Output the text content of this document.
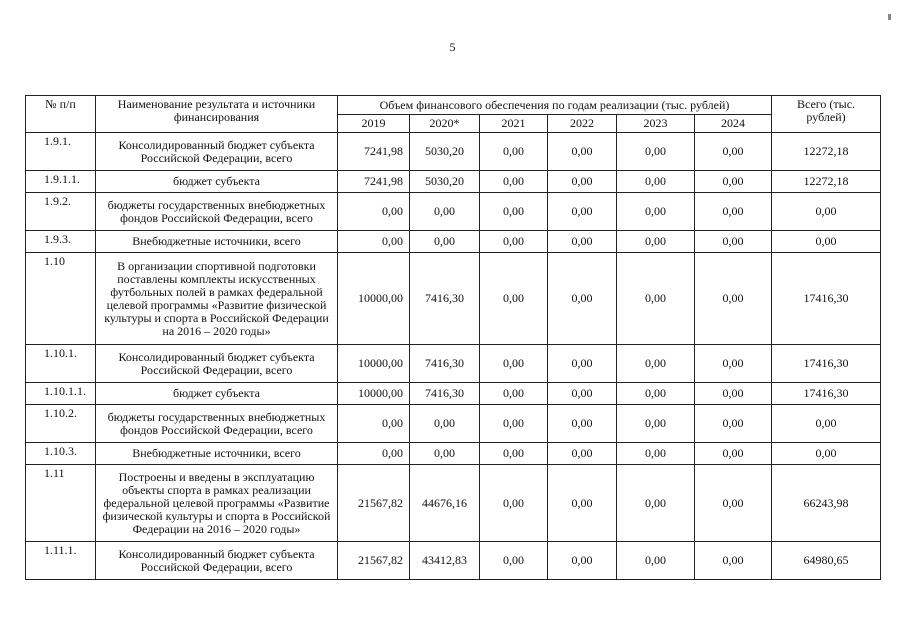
5
№ п/п	Наименование результата и источники финансирования	Объем финансового обеспечения по годам реализации (тыс. рублей)						Всего (тыс. рублей)
		2019	2020*	2021	2022	2023	2024	
1.9.1.	Консолидированный бюджет субъекта Российской Федерации, всего	7241,98	5030,20	0,00	0,00	0,00	0,00	12272,18
1.9.1.1.	бюджет субъекта	7241,98	5030,20	0,00	0,00	0,00	0,00	12272,18
1.9.2.	бюджеты государственных внебюджетных фондов Российской Федерации, всего	0,00	0,00	0,00	0,00	0,00	0,00	0,00
1.9.3.	Внебюджетные источники, всего	0,00	0,00	0,00	0,00	0,00	0,00	0,00
1.10	В организации спортивной подготовки поставлены комплекты искусственных футбольных полей в рамках федеральной целевой программы «Развитие физической культуры и спорта в Российской Федерации на 2016 – 2020 годы»	10000,00	7416,30	0,00	0,00	0,00	0,00	17416,30
1.10.1.	Консолидированный бюджет субъекта Российской Федерации, всего	10000,00	7416,30	0,00	0,00	0,00	0,00	17416,30
1.10.1.1.	бюджет субъекта	10000,00	7416,30	0,00	0,00	0,00	0,00	17416,30
1.10.2.	бюджеты государственных внебюджетных фондов Российской Федерации, всего	0,00	0,00	0,00	0,00	0,00	0,00	0,00
1.10.3.	Внебюджетные источники, всего	0,00	0,00	0,00	0,00	0,00	0,00	0,00
1.11	Построены и введены в эксплуатацию объекты спорта в рамках реализации федеральной целевой программы «Развитие физической культуры и спорта в Российской Федерации на 2016 – 2020 годы»	21567,82	44676,16	0,00	0,00	0,00	0,00	66243,98
1.11.1.	Консолидированный бюджет субъекта Российской Федерации, всего	21567,82	43412,83	0,00	0,00	0,00	0,00	64980,65
